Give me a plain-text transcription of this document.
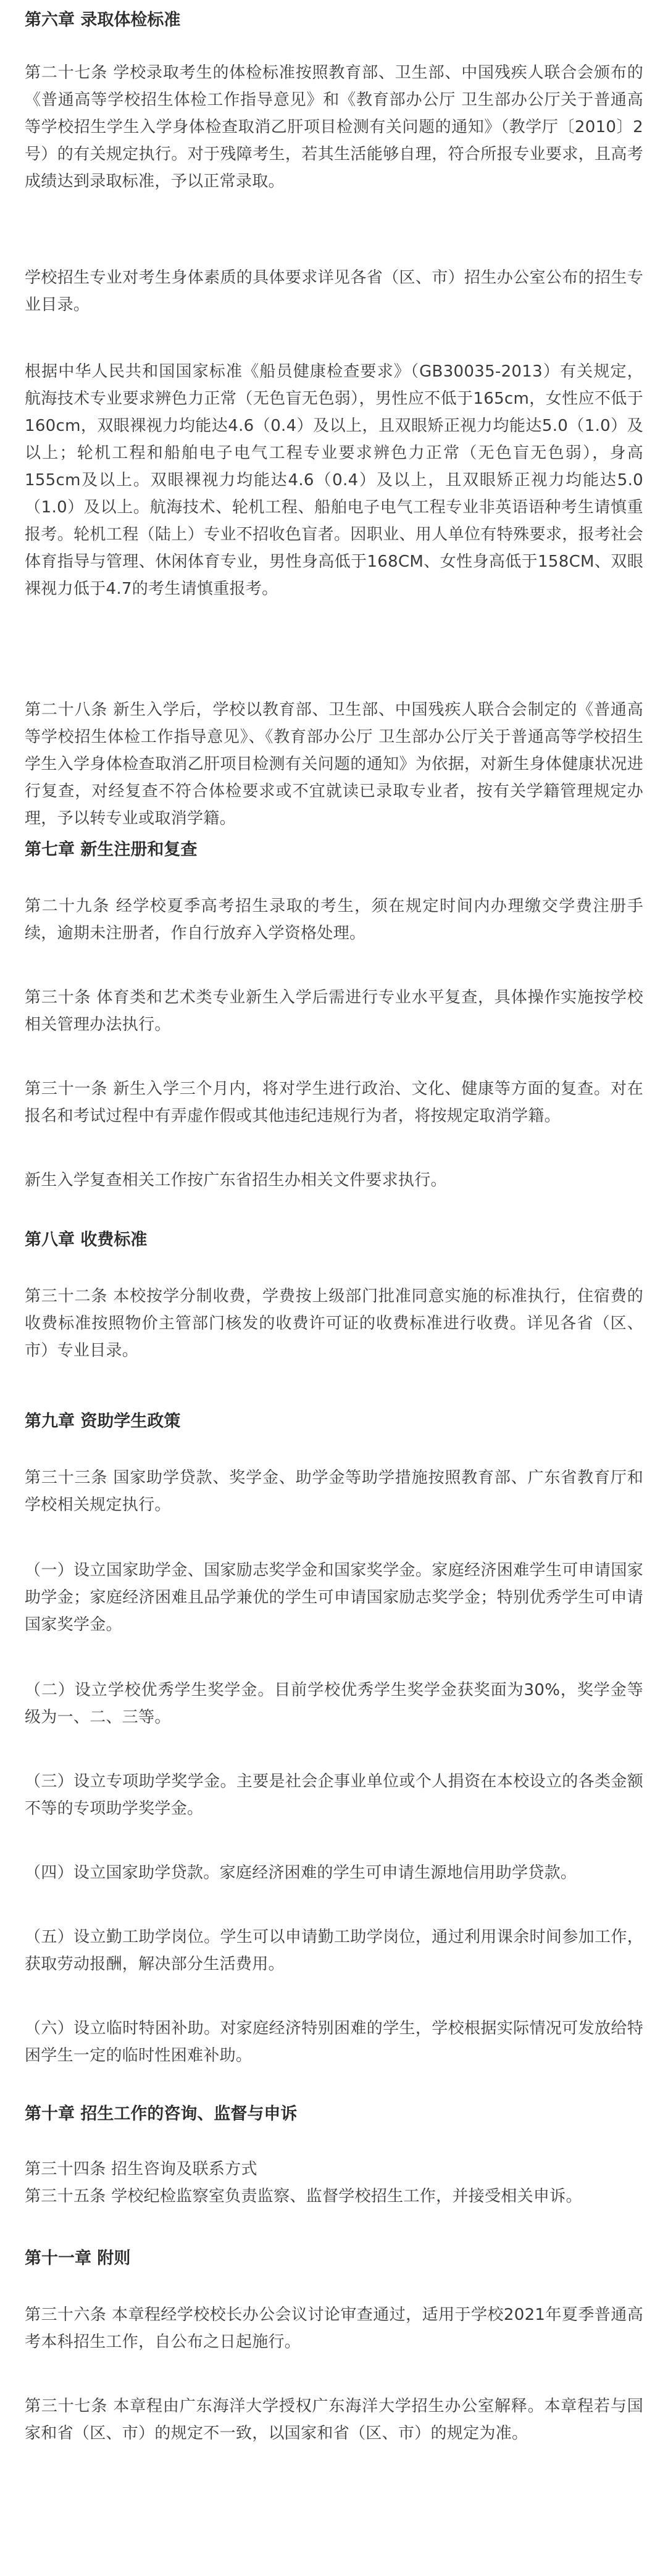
第六章 录取体检标准
第二十七条 学校录取考生的体检标准按照教育部、卫生部、中国残疾人联合会颁布的《普通高等学校招生体检工作指导意见》和《教育部办公厅 卫生部办公厅关于普通高等学校招生学生入学身体检查取消乙肝项目检测有关问题的通知》（教学厅〔2010〕2号）的有关规定执行。对于残障考生，若其生活能够自理，符合所报专业要求，且高考成绩达到录取标准，予以正常录取。
学校招生专业对考生身体素质的具体要求详见各省（区、市）招生办公室公布的招生专业目录。
根据中华人民共和国国家标准《船员健康检查要求》（GB30035-2013）有关规定，航海技术专业要求辨色力正常（无色盲无色弱），男性应不低于165cm，女性应不低于160cm，双眼裸视力均能达4.6（0.4）及以上，且双眼矫正视力均能达5.0（1.0）及以上；轮机工程和船舶电子电气工程专业要求辨色力正常（无色盲无色弱），身高155cm及以上。双眼裸视力均能达4.6（0.4）及以上，且双眼矫正视力均能达5.0（1.0）及以上。航海技术、轮机工程、船舶电子电气工程专业非英语语种考生请慎重报考。轮机工程（陆上）专业不招收色盲者。因职业、用人单位有特殊要求，报考社会体育指导与管理、休闲体育专业，男性身高低于168CM、女性身高低于158CM、双眼裸视力低于4.7的考生请慎重报考。
第二十八条 新生入学后，学校以教育部、卫生部、中国残疾人联合会制定的《普通高等学校招生体检工作指导意见》、《教育部办公厅 卫生部办公厅关于普通高等学校招生学生入学身体检查取消乙肝项目检测有关问题的通知》为依据，对新生身体健康状况进行复查，对经复查不符合体检要求或不宜就读已录取专业者，按有关学籍管理规定办理，予以转专业或取消学籍。
第七章 新生注册和复查
第二十九条 经学校夏季高考招生录取的考生，须在规定时间内办理缴交学费注册手续，逾期未注册者，作自行放弃入学资格处理。
第三十条 体育类和艺术类专业新生入学后需进行专业水平复查，具体操作实施按学校相关管理办法执行。
第三十一条 新生入学三个月内，将对学生进行政治、文化、健康等方面的复查。对在报名和考试过程中有弄虚作假或其他违纪违规行为者，将按规定取消学籍。
新生入学复查相关工作按广东省招生办相关文件要求执行。
第八章 收费标准
第三十二条 本校按学分制收费，学费按上级部门批准同意实施的标准执行，住宿费的收费标准按照物价主管部门核发的收费许可证的收费标准进行收费。详见各省（区、市）专业目录。
第九章 资助学生政策
第三十三条 国家助学贷款、奖学金、助学金等助学措施按照教育部、广东省教育厅和学校相关规定执行。
（一）设立国家助学金、国家励志奖学金和国家奖学金。家庭经济困难学生可申请国家助学金；家庭经济困难且品学兼优的学生可申请国家励志奖学金；特别优秀学生可申请国家奖学金。
（二）设立学校优秀学生奖学金。目前学校优秀学生奖学金获奖面为30%，奖学金等级为一、二、三等。
（三）设立专项助学奖学金。主要是社会企事业单位或个人捐资在本校设立的各类金额不等的专项助学奖学金。
（四）设立国家助学贷款。家庭经济困难的学生可申请生源地信用助学贷款。
（五）设立勤工助学岗位。学生可以申请勤工助学岗位，通过利用课余时间参加工作，获取劳动报酬，解决部分生活费用。
（六）设立临时特困补助。对家庭经济特别困难的学生，学校根据实际情况可发放给特困学生一定的临时性困难补助。
第十章 招生工作的咨询、监督与申诉
第三十四条 招生咨询及联系方式
第三十五条 学校纪检监察室负责监察、监督学校招生工作，并接受相关申诉。
第十一章 附则
第三十六条 本章程经学校校长办公会议讨论审查通过，适用于学校2021年夏季普通高考本科招生工作，自公布之日起施行。
第三十七条 本章程由广东海洋大学授权广东海洋大学招生办公室解释。本章程若与国家和省（区、市）的规定不一致，以国家和省（区、市）的规定为准。
